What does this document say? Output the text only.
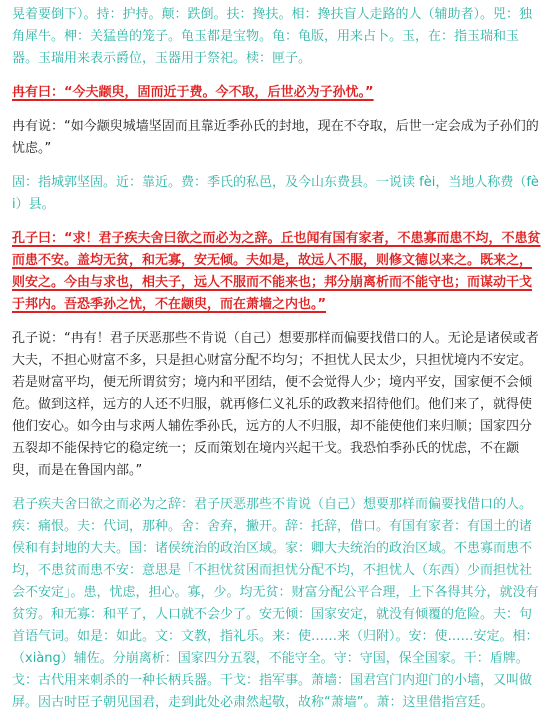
晃着要倒下）。持：护持。颠：跌倒。扶：搀扶。相：搀扶盲人走路的人（辅助者）。兕：独角犀牛。柙：关猛兽的笼子。龟玉都是宝物。龟：龟版，用来占卜。玉，在：指玉瑞和玉器。玉瑞用来表示爵位，玉器用于祭祀。椟：匣子。

冉有曰：“今夫颛臾，固而近于费。今不取，后世必为子孙忧。”

冉有说：“如今颛臾城墙坚固而且靠近季孙氏的封地，现在不夺取，后世一定会成为子孙们的忧虑。”

固：指城郭坚固。近：靠近。费：季氏的私邑，及今山东费县。一说读 fèi，当地人称费（fèi）县。

孔子曰：“求！君子疾夫舍曰欲之而必为之辞。丘也闻有国有家者，不患寡而患不均，不患贫而患不安。盖均无贫，和无寡，安无倾。夫如是，故远人不服，则修文德以来之。既来之，则安之。今由与求也，相夫子，远人不服而不能来也；邦分崩离析而不能守也；而谋动干戈于邦内。吾恐季孙之忧，不在颛臾，而在萧墙之内也。”

孔子说：“冉有！君子厌恶那些不肯说（自己）想要那样而偏要找借口的人。无论是诸侯或者大夫，不担心财富不多，只是担心财富分配不均匀；不担忧人民太少，只担忧境内不安定。若是财富平均，便无所谓贫穷；境内和平团结，便不会觉得人少；境内平安，国家便不会倾危。做到这样，远方的人还不归服，就再修仁义礼乐的政教来招待他们。他们来了，就得使他们安心。如今由与求两人辅佐季孙氏，远方的人不归服，却不能使他们来归顺；国家四分五裂却不能保持它的稳定统一；反而策划在境内兴起干戈。我恐怕季孙氏的忧虑，不在颛臾，而是在鲁国内部。”

君子疾夫舍曰欲之而必为之辞：君子厌恶那些不肯说（自己）想要那样而偏要找借口的人。疾：痛恨。夫：代词，那种。舍：舍弃，撇开。辞：托辞，借口。有国有家者：有国土的诸侯和有封地的大夫。国：诸侯统治的政治区域。家：卿大夫统治的政治区域。不患寡而患不均，不患贫而患不安：意思是「不担忧贫困而担忧分配不均，不担忧人（东西）少而担忧社会不安定」。患，忧虑，担心。寡，少。均无贫：财富分配公平合理，上下各得其分，就没有贫穷。和无寡：和平了，人口就不会少了。安无倾：国家安定，就没有倾覆的危险。夫：句首语气词。如是：如此。文：文教，指礼乐。来：使……来（归附）。安：使……安定。相：（xiàng）辅佐。分崩离析：国家四分五裂，不能守全。守：守国，保全国家。干：盾牌。戈：古代用来刺杀的一种长柄兵器。干戈：指军事。萧墙：国君宫门内迎门的小墙，又叫做屏。因古时臣子朝见国君，走到此处必肃然起敬，故称“萧墙”。萧：这里借指宫廷。
